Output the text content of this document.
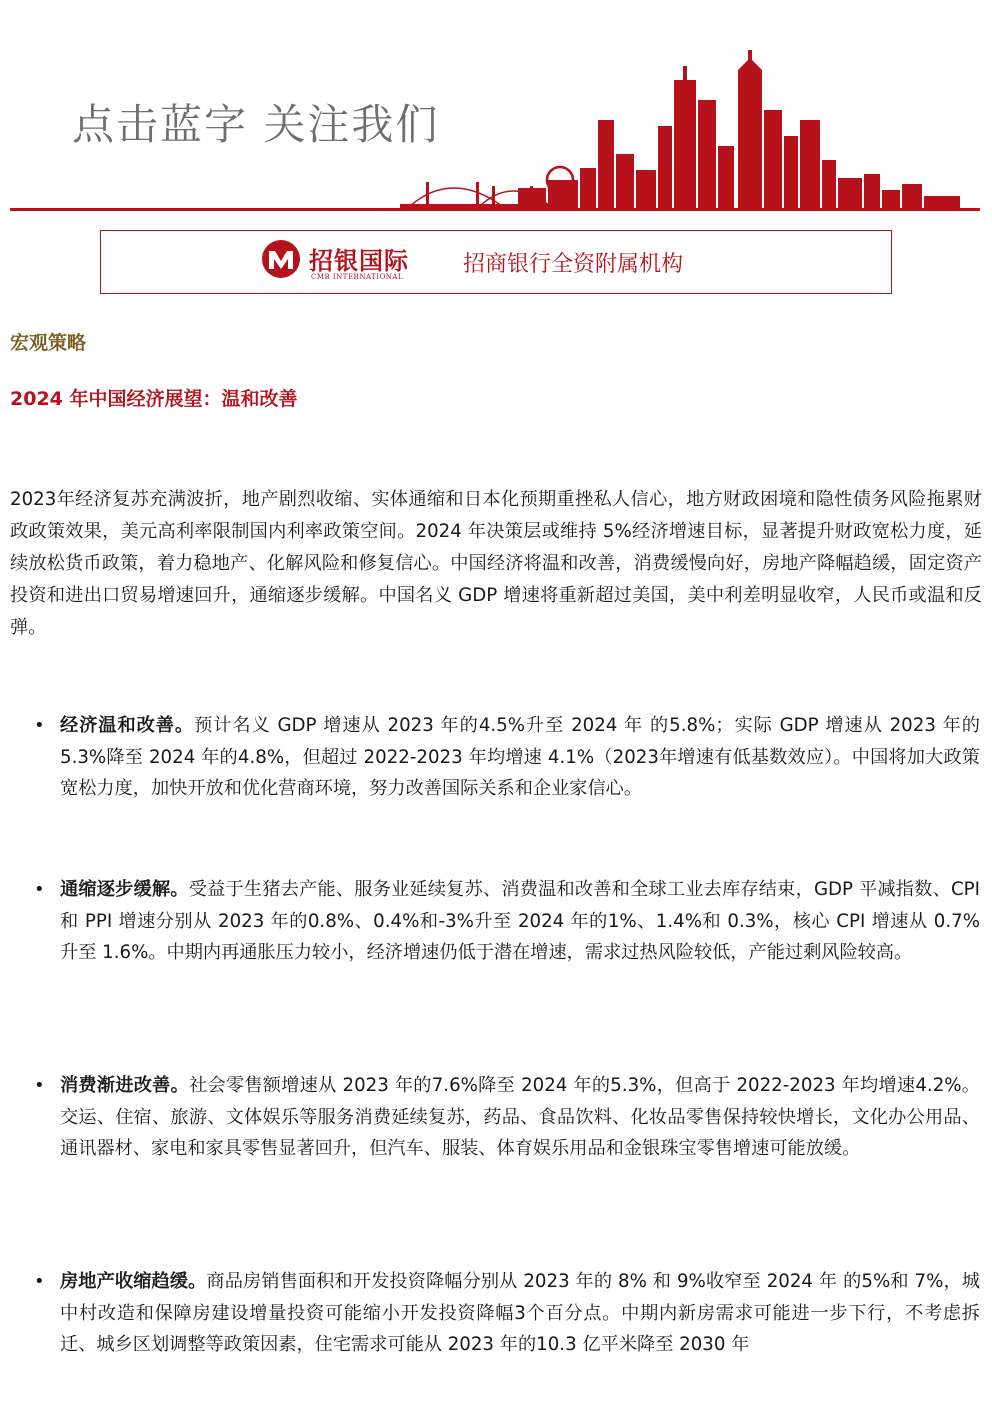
点击蓝字 关注我们
招银国际
CMB INTERNATIONAL	招商银行全资附属机构
宏观策略
2024 年中国经济展望：温和改善

2023年经济复苏充满波折，地产剧烈收缩、实体通缩和日本化预期重挫私人信心，地方财政困境和隐性债务风险拖累财政政策效果，美元高利率限制国内利率政策空间。2024 年决策层或维持 5%经济增速目标，显著提升财政宽松力度，延续放松货币政策，着力稳地产、化解风险和修复信心。中国经济将温和改善，消费缓慢向好，房地产降幅趋缓，固定资产投资和进出口贸易增速回升，通缩逐步缓解。中国名义 GDP 增速将重新超过美国，美中利差明显收窄，人民币或温和反弹。

• 经济温和改善。预计名义 GDP 增速从 2023 年的4.5%升至 2024 年 的5.8%；实际 GDP 增速从 2023 年的5.3%降至 2024 年的4.8%，但超过 2022-2023 年均增速 4.1%（2023年增速有低基数效应）。中国将加大政策宽松力度，加快开放和优化营商环境，努力改善国际关系和企业家信心。
• 通缩逐步缓解。受益于生猪去产能、服务业延续复苏、消费温和改善和全球工业去库存结束，GDP 平减指数、CPI 和 PPI 增速分别从 2023 年的0.8%、0.4%和-3%升至 2024 年的1%、1.4%和 0.3%，核心 CPI 增速从 0.7%升至 1.6%。中期内再通胀压力较小，经济增速仍低于潜在增速，需求过热风险较低，产能过剩风险较高。
• 消费渐进改善。社会零售额增速从 2023 年的7.6%降至 2024 年的5.3%，但高于 2022-2023 年均增速4.2%。交运、住宿、旅游、文体娱乐等服务消费延续复苏，药品、食品饮料、化妆品零售保持较快增长，文化办公用品、通讯器材、家电和家具零售显著回升，但汽车、服装、体育娱乐用品和金银珠宝零售增速可能放缓。
• 房地产收缩趋缓。商品房销售面积和开发投资降幅分别从 2023 年的 8% 和 9%收窄至 2024 年 的5%和 7%，城中村改造和保障房建设增量投资可能缩小开发投资降幅3个百分点。中期内新房需求可能进一步下行，不考虑拆迁、城乡区划调整等政策因素，住宅需求可能从 2023 年的10.3 亿平米降至 2030 年
